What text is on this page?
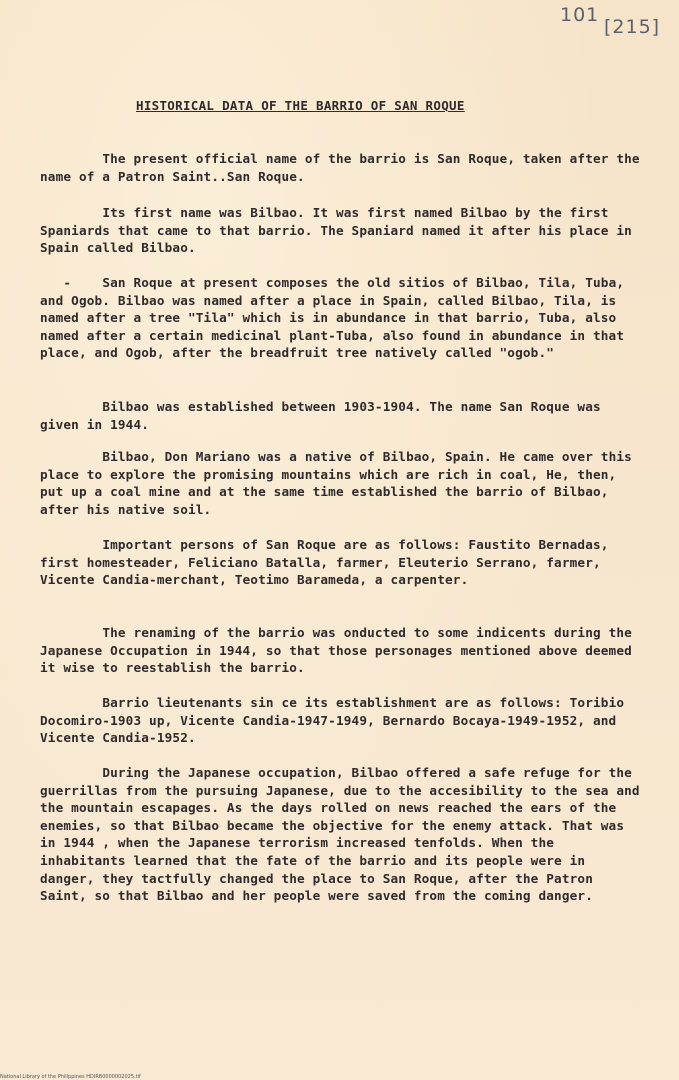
101
[215]
HISTORICAL DATA OF THE BARRIO OF SAN ROQUE
The present official name of the barrio is San Roque, taken after the name of a Patron Saint..San Roque.
Its first name was Bilbao. It was first named Bilbao by the first Spaniards that came to that barrio. The Spaniard named it after his place in Spain called Bilbao.
-    San Roque at present composes the old sitios of Bilbao, Tila, Tuba, and Ogob. Bilbao was named after a place in Spain, called Bilbao, Tila, is named after a tree "Tila" which is in abundance in that barrio, Tuba, also named after a certain medicinal plant-Tuba, also found in abundance in that place, and Ogob, after the breadfruit tree natively called "ogob."
Bilbao was established between 1903-1904. The name San Roque was given in 1944.
Bilbao, Don Mariano was a native of Bilbao, Spain. He came over this place to explore the promising mountains which are rich in coal, He, then, put up a coal mine and at the same time established the barrio of Bilbao, after his native soil.
Important persons of San Roque are as follows: Faustito Bernadas, first homesteader, Feliciano Batalla, farmer, Eleuterio Serrano, farmer, Vicente Candia-merchant, Teotimo Barameda, a carpenter.
The renaming of the barrio was onducted to some indicents during the Japanese Occupation in 1944, so that those personages mentioned above deemed it wise to reestablish the barrio.
Barrio lieutenants sin ce its establishment are as follows: Toribio Docomiro-1903 up, Vicente Candia-1947-1949, Bernardo Bocaya-1949-1952, and Vicente Candia-1952.
During the Japanese occupation, Bilbao offered a safe refuge for the guerrillas from the pursuing Japanese, due to the accesibility to the sea and the mountain escapages. As the days rolled on news reached the ears of the enemies, so that Bilbao became the objective for the enemy attack. That was in 1944 , when the Japanese terrorism increased tenfolds. When the inhabitants learned that the fate of the barrio and its people were in danger, they tactfully changed the place to San Roque, after the Patron Saint, so that Bilbao and her people were saved from the coming danger.
National Library of the Philippines HDIRB0000002025.tif
